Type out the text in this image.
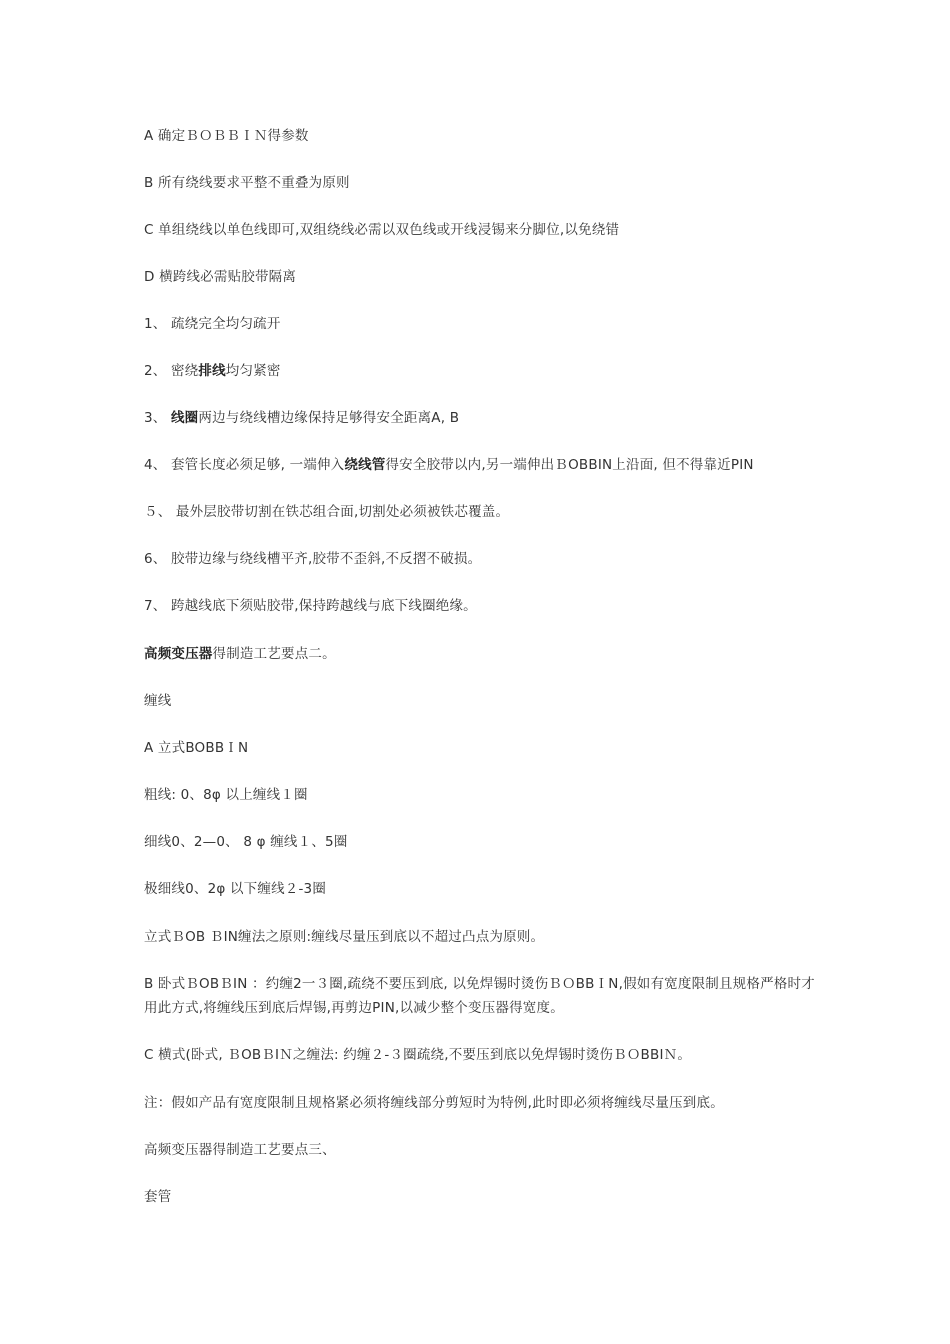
A 确定ＢＯＢＢＩＮ得参数
B 所有绕线要求平整不重叠为原则
C 单组绕线以单色线即可,双组绕线必需以双色线或开线浸锡来分脚位,以免绕错
D 横跨线必需贴胶带隔离
1、 疏绕完全均匀疏开
2、 密绕排线均匀紧密
3、 线圈两边与绕线槽边缘保持足够得安全距离A, B
4、 套管长度必须足够, 一端伸入绕线管得安全胶带以内,另一端伸出ＢOBBIN上沿面, 但不得靠近PIN
５、 最外层胶带切割在铁芯组合面,切割处必须被铁芯覆盖。
6、 胶带边缘与绕线槽平齐,胶带不歪斜,不反摺不破损。
7、 跨越线底下须贴胶带,保持跨越线与底下线圈绝缘。
高频变压器得制造工艺要点二。
缠线
A 立式BOBBＩN
粗线: 0、8φ 以上缠线１圈
细线0、2—0、 8 φ 缠线１、5圈
极细线0、2φ 以下缠线２-3圈
立式ＢOB ＢIN缠法之原则:缠线尽量压到底以不超过凸点为原则。
B 卧式ＢOBＢIN ：约缠2一３圈,疏绕不要压到底, 以免焊锡时烫伤ＢＯBBＩN,假如有宽度限制且规格严格时才用此方式,将缠线压到底后焊锡,再剪边PIN,以减少整个变压器得宽度。
C 横式(卧式, ＢOBＢIＮ之缠法: 约缠２-３圈疏绕,不要压到底以免焊锡时烫伤ＢＯBBIＮ。
注：假如产品有宽度限制且规格紧必须将缠线部分剪短时为特例,此时即必须将缠线尽量压到底。
高频变压器得制造工艺要点三、
套管
